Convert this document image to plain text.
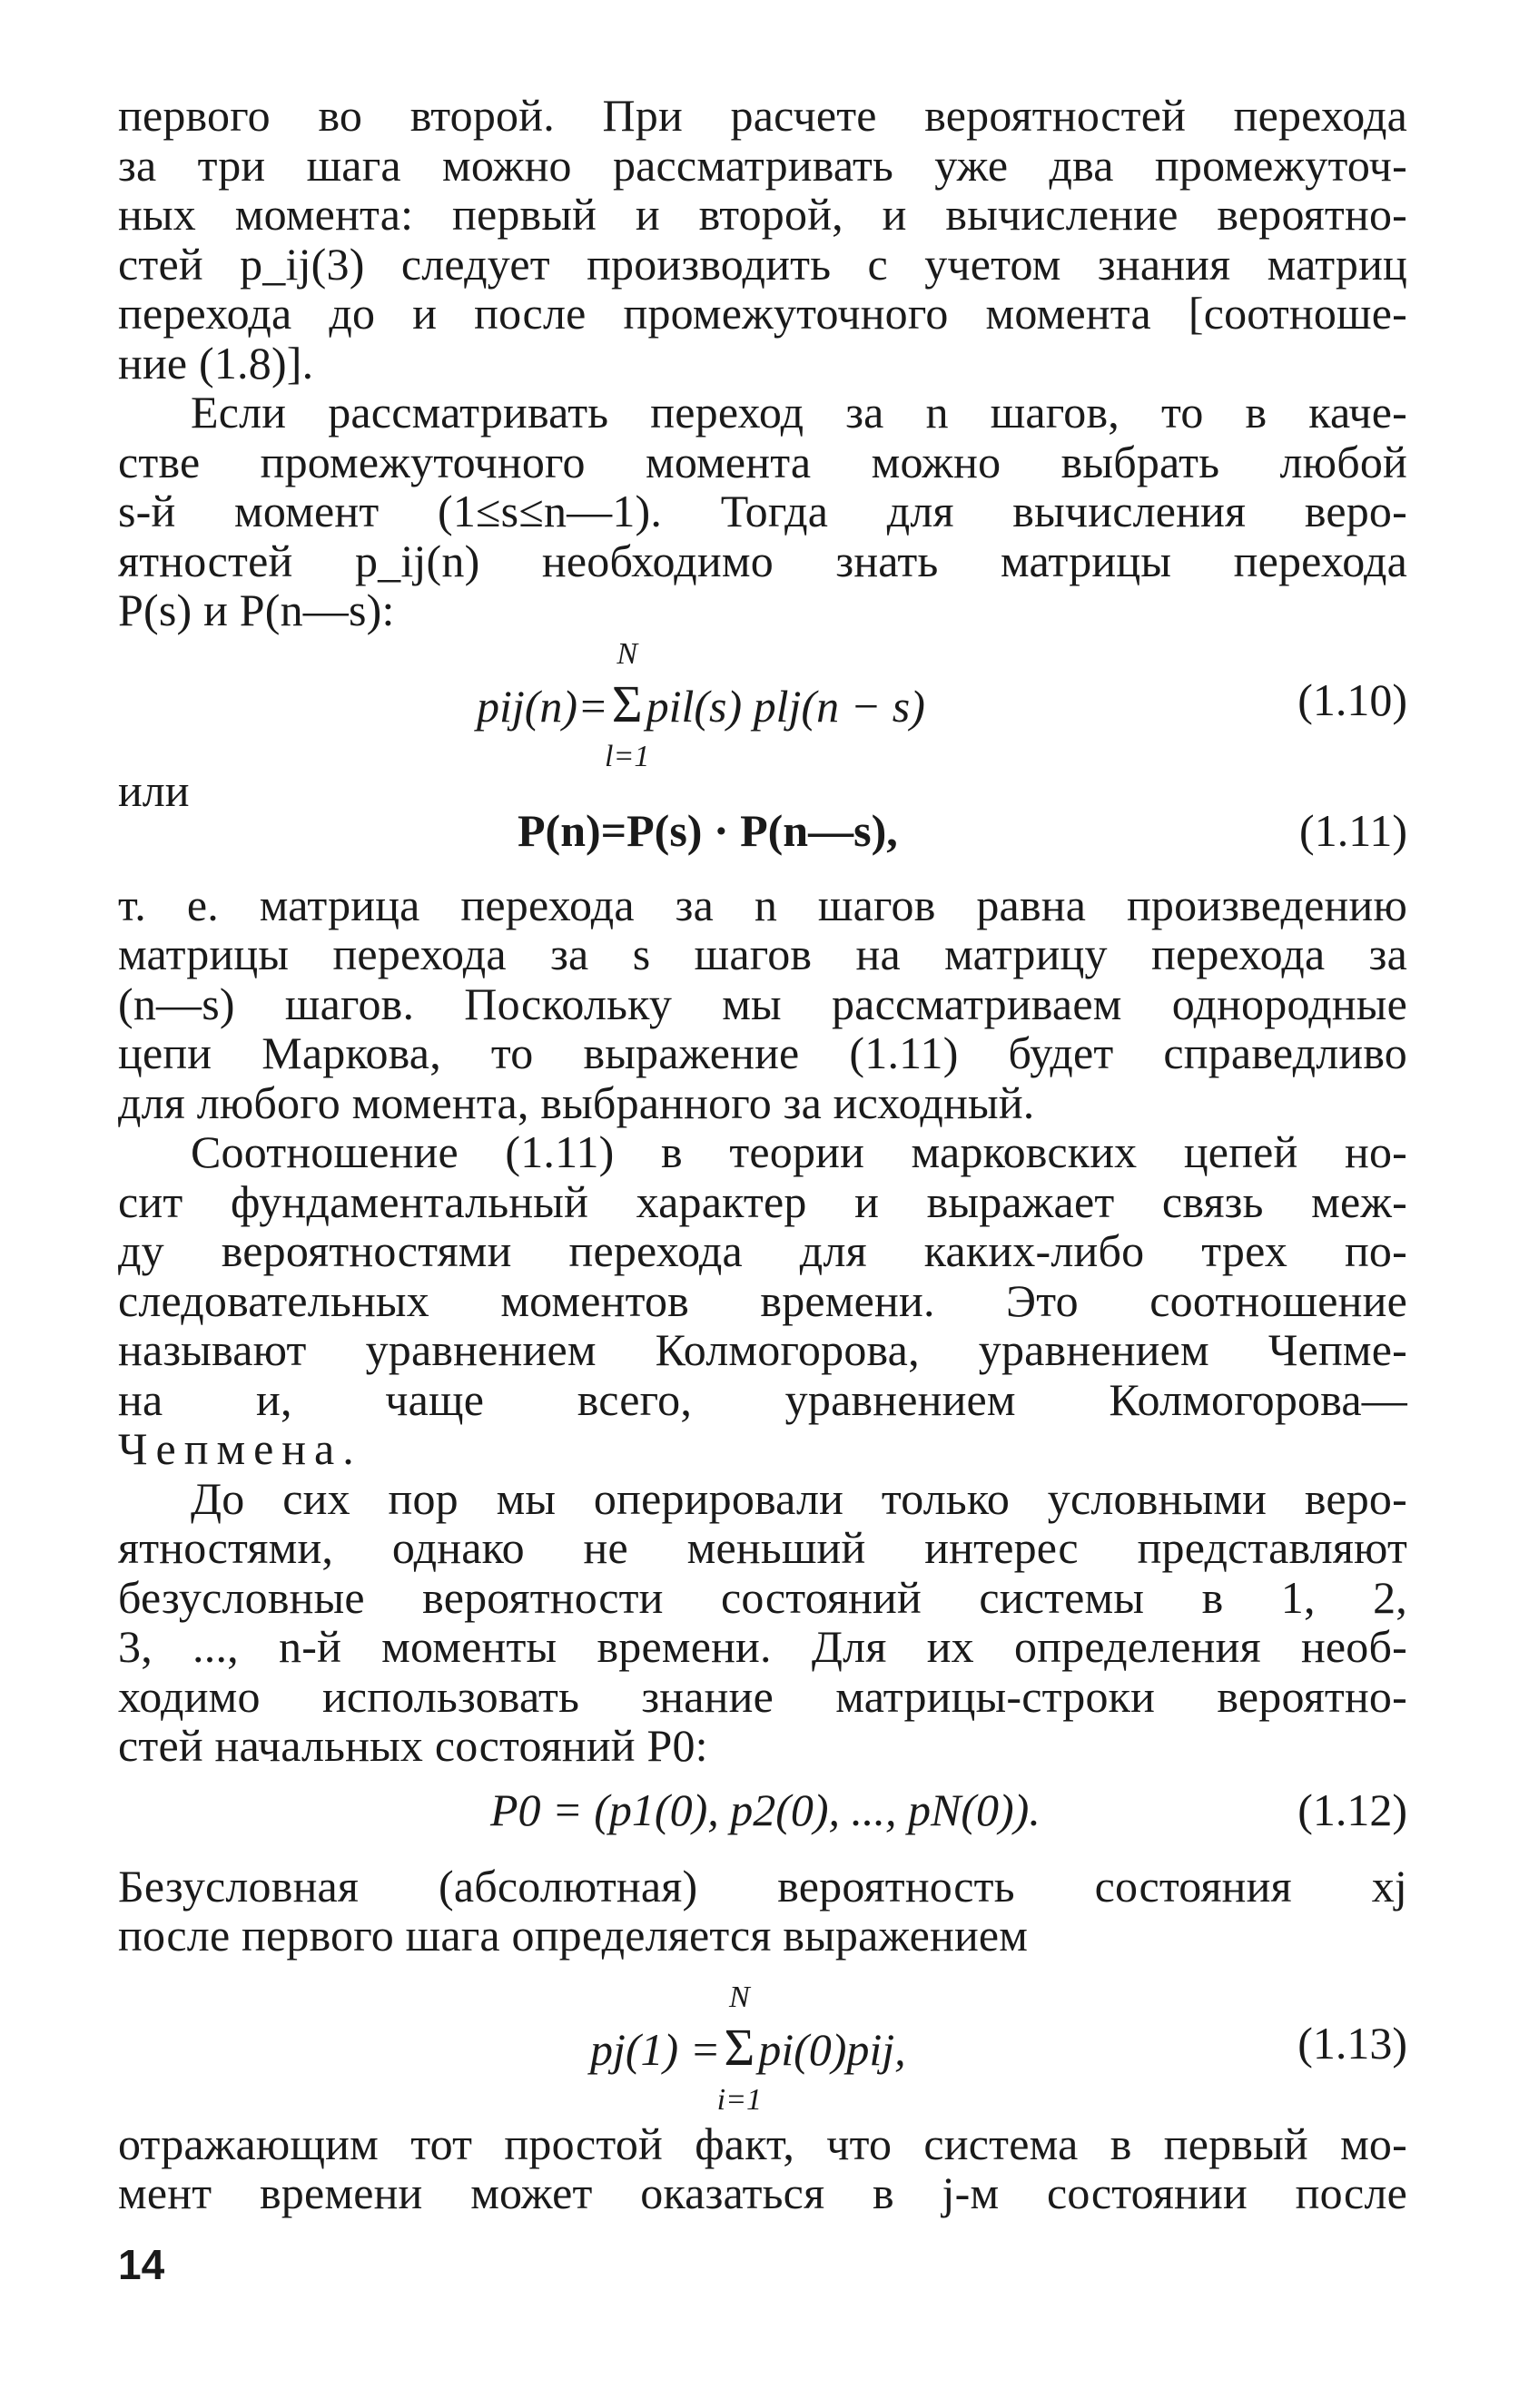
первого во второй. При расчете вероятностей перехода
за три шага можно рассматривать уже два промежуточ-
ных момента: первый и второй, и вычисление вероятно-
стей p_ij(3) следует производить с учетом знания матриц
перехода до и после промежуточного момента [соотноше-
ние (1.8)].
Если рассматривать переход за n шагов, то в каче-
стве промежуточного момента можно выбрать любой
s-й момент (1≤s≤n—1). Тогда для вычисления веро-
ятностей p_ij(n) необходимо знать матрицы перехода
P(s) и P(n—s):
pij(n)=Σ
N
l=1
pil(s) plj(n − s)	(1.10)
или
P(n)=P(s) · P(n—s),	(1.11)
т. е. матрица перехода за n шагов равна произведению
матрицы перехода за s шагов на матрицу перехода за
(n—s) шагов. Поскольку мы рассматриваем однородные
цепи Маркова, то выражение (1.11) будет справедливо
для любого момента, выбранного за исходный.
Соотношение (1.11) в теории марковских цепей но-
сит фундаментальный характер и выражает связь меж-
ду вероятностями перехода для каких-либо трех по-
следовательных моментов времени. Это соотношение
называют уравнением Колмогорова, уравнением Чепме-
на и, чаще всего, уравнением Колмогорова—
Чепмена.
До сих пор мы оперировали только условными веро-
ятностями, однако не меньший интерес представляют
безусловные вероятности состояний системы в 1, 2,
3, ..., n-й моменты времени. Для их определения необ-
ходимо использовать знание матрицы-строки вероятно-
стей начальных состояний P0:
P0 = (p1(0), p2(0), ..., pN(0)).	(1.12)
Безусловная (абсолютная) вероятность состояния xj
после первого шага определяется выражением
pj(1) =Σ
N
i=1
pi(0)pij,	(1.13)
отражающим тот простой факт, что система в первый мо-
мент времени может оказаться в j-м состоянии после
14
